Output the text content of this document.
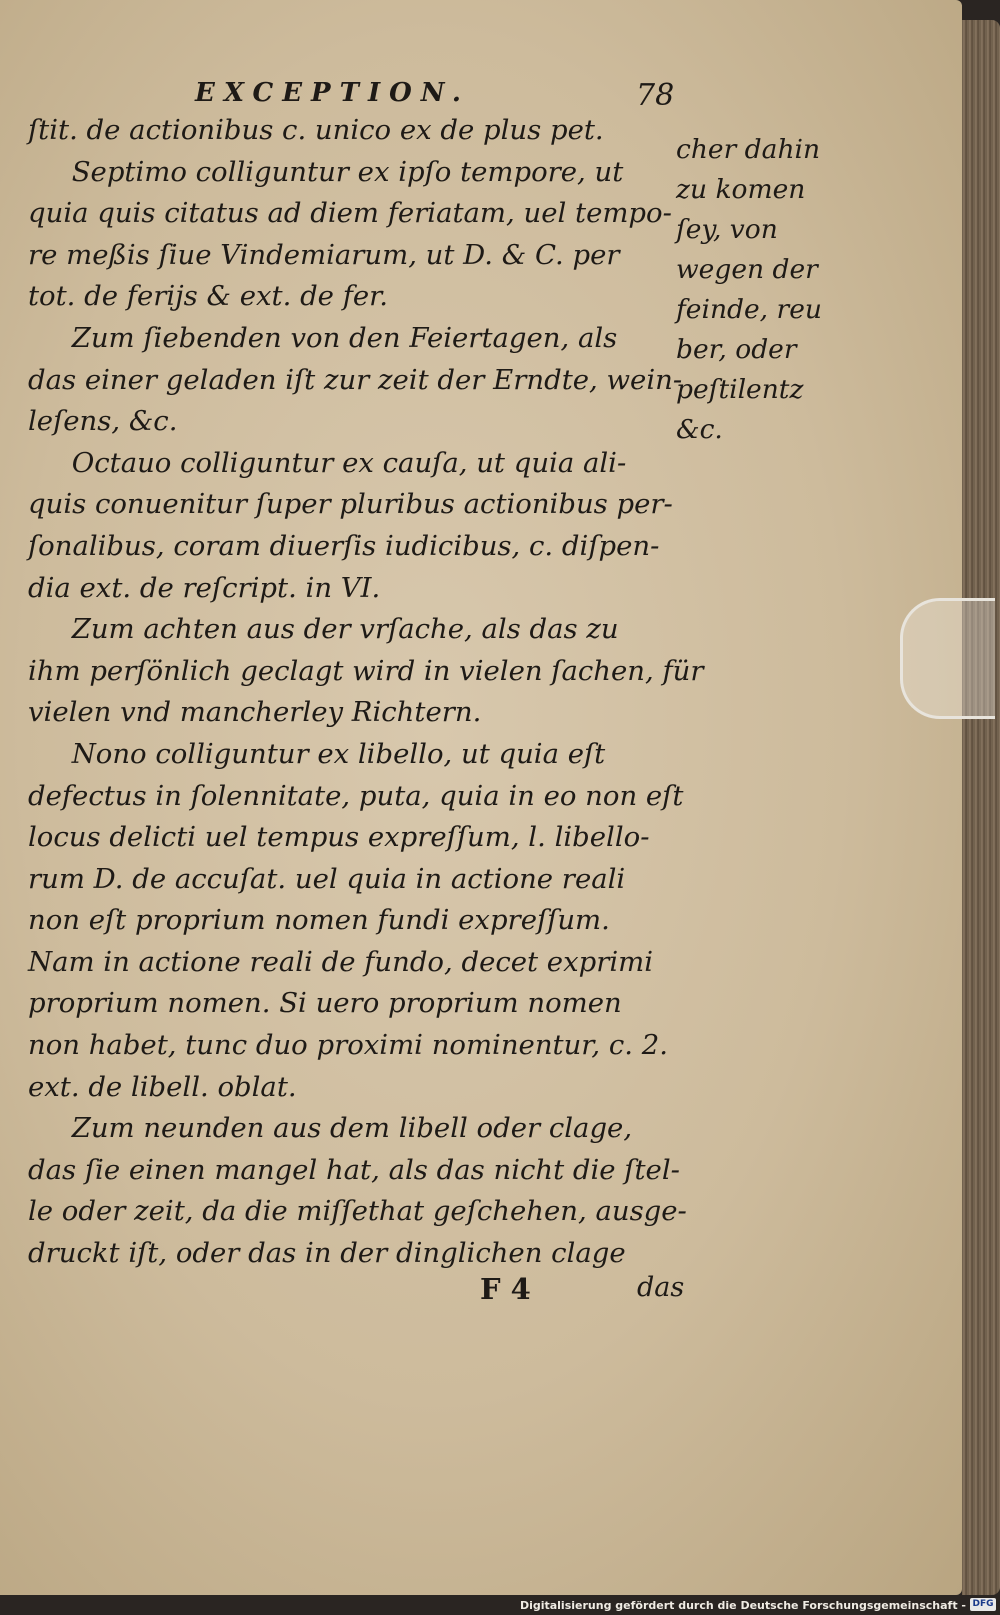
EXCEPTION.	78
ſtit. de actionibus c. unico ex de plus pet.
Septimo colliguntur ex ipſo tempore, ut
quia quis citatus ad diem feriatam, uel tempo-
re meßis ſiue Vindemiarum, ut D. & C. per
tot. de ferijs & ext. de fer.
Zum ſiebenden von den Feiertagen, als
das einer geladen iſt zur zeit der Erndte, wein-
leſens, &c.
Octauo colliguntur ex cauſa, ut quia ali-
quis conuenitur ſuper pluribus actionibus per-
ſonalibus, coram diuerſis iudicibus, c. diſpen-
dia ext. de reſcript. in VI.
Zum achten aus der vrſache, als das zu
ihm perſönlich geclagt wird in vielen ſachen, für
vielen vnd mancherley Richtern.
Nono colliguntur ex libello, ut quia eſt
defectus in ſolennitate, puta, quia in eo non eſt
locus delicti uel tempus expreſſum, l. libello-
rum D. de accuſat. uel quia in actione reali
non eſt proprium nomen fundi expreſſum.
Nam in actione reali de fundo, decet exprimi
proprium nomen. Si uero proprium nomen
non habet, tunc duo proximi nominentur, c. 2.
ext. de libell. oblat.
Zum neunden aus dem libell oder clage,
das ſie einen mangel hat, als das nicht die ſtel-
le oder zeit, da die miſſethat geſchehen, ausge-
druckt iſt, oder das in der dinglichen clage
cher dahin
zu komen
ſey, von
wegen der
feinde, reu
ber, oder
peſtilentz
&c.
F 4	das
Digitalisierung gefördert durch die Deutsche Forschungsgemeinschaft - DFG
